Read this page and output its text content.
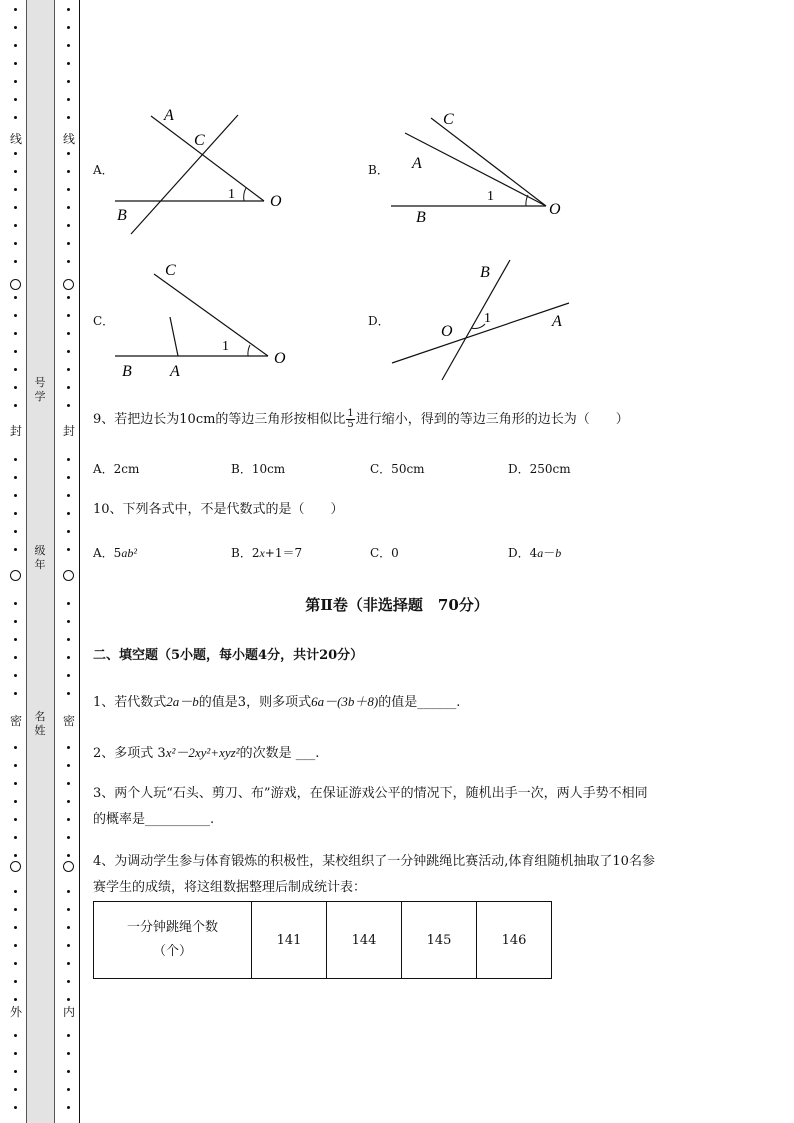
线
封
密
外
线
封
密
内
号学
级年
名姓
A．
A
C
B
O
1
B．
C
A
B	O
1
C．
C
B A
O
1
D．
B
O
A
1
9、若把边长为10cm的等边三角形按相似比 $\frac{1}{5}$ 进行缩小，得到的等边三角形的边长为（　　）
A．2cm	B．10cm	C．50cm	D．250cm
10、下列各式中，不是代数式的是（　　）
A．5ab²	B．2x+1＝7	C．0	D．4a－b
第Ⅱ卷（非选择题　70分）
二、填空题（5小题，每小题4分，共计20分）
1、若代数式2a－b的值是3，则多项式6a－(3b＋8)的值是______.
2、多项式 3x²－2xy²+xyz²的次数是 ___.
3、两个人玩“石头、剪刀、布”游戏，在保证游戏公平的情况下，随机出手一次，两人手势不相同
的概率是__________.
4、为调动学生参与体育锻炼的积极性，某校组织了一分钟跳绳比赛活动,体育组随机抽取了10名参
赛学生的成绩，将这组数据整理后制成统计表：
一分钟跳绳个数
（个）
	141	144	145	146
